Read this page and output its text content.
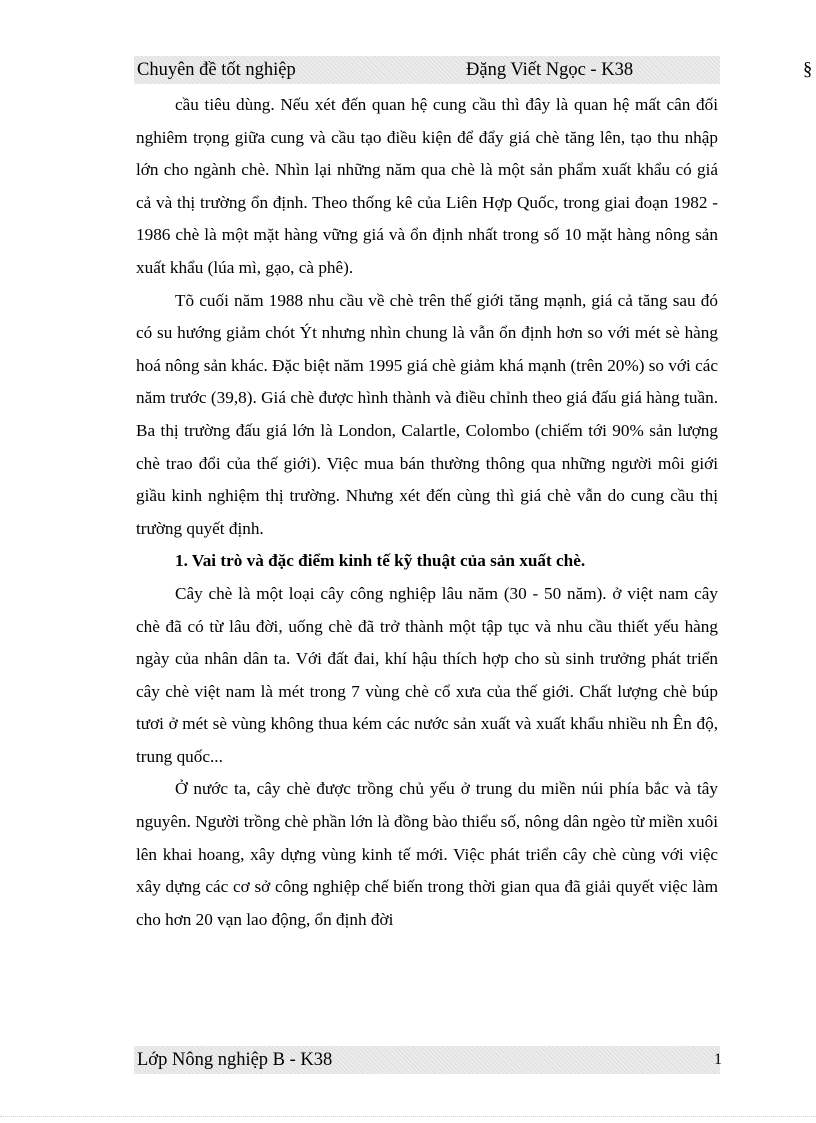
Chuyên đề tốt nghiệp	Đặng Viết Ngọc - K38	§

cầu tiêu dùng. Nếu xét đến quan hệ cung cầu thì đây là quan hệ mất cân đối nghiêm trọng giữa cung và cầu tạo điều kiện để đẩy giá chè tăng lên, tạo thu nhập lớn cho ngành chè. Nhìn lại những năm qua chè là một sản phẩm xuất khẩu có giá cả và thị trường ổn định. Theo thống kê của Liên Hợp Quốc, trong giai đoạn 1982 - 1986 chè là một mặt hàng vững giá và ổn định nhất trong số 10 mặt hàng nông sản xuất khẩu (lúa mì, gạo, cà phê).

Tõ cuối năm 1988 nhu cầu về chè trên thế giới tăng mạnh, giá cả tăng sau đó có su hướng giảm chót Ýt nhưng nhìn chung là vẫn ổn định hơn so với mét sè hàng hoá nông sản khác. Đặc biệt năm 1995 giá chè giảm khá mạnh (trên 20%) so với các năm trước (39,8). Giá chè được hình thành và điều chỉnh theo giá đấu giá hàng tuần. Ba thị trường đấu giá lớn là London, Calartle, Colombo (chiếm tới 90% sản lượng chè trao đổi của thế giới). Việc mua bán thường thông qua những người môi giới giầu kinh nghiệm thị trường. Nhưng xét đến cùng thì giá chè vẫn do cung cầu thị trường quyết định.

1. Vai trò và đặc điểm kinh tế kỹ thuật của sản xuất chè.

Cây chè là một loại cây công nghiệp lâu năm (30 - 50 năm). ở việt nam cây chè đã có từ lâu đời, uống chè đã trở thành một tập tục và nhu cầu thiết yếu hàng ngày của nhân dân ta. Với đất đai, khí hậu thích hợp cho sù sinh trưởng phát triển cây chè việt nam là mét trong 7 vùng chè cổ xưa của thế giới. Chất lượng chè búp tươi ở mét sè vùng không thua kém các nước sản xuất và xuất khẩu nhiều nh Ên độ, trung quốc...

Ở nước ta, cây chè được trồng chủ yếu ở trung du miền núi phía bắc và tây nguyên. Người trồng chè phần lớn là đồng bào thiểu số, nông dân ngèo từ miền xuôi lên khai hoang, xây dựng vùng kinh tế mới. Việc phát triển cây chè cùng với việc xây dựng các cơ sở công nghiệp chế biến trong thời gian qua đã giải quyết việc làm cho hơn 20 vạn lao động, ổn định đời

Lớp Nông nghiệp B - K38	1
